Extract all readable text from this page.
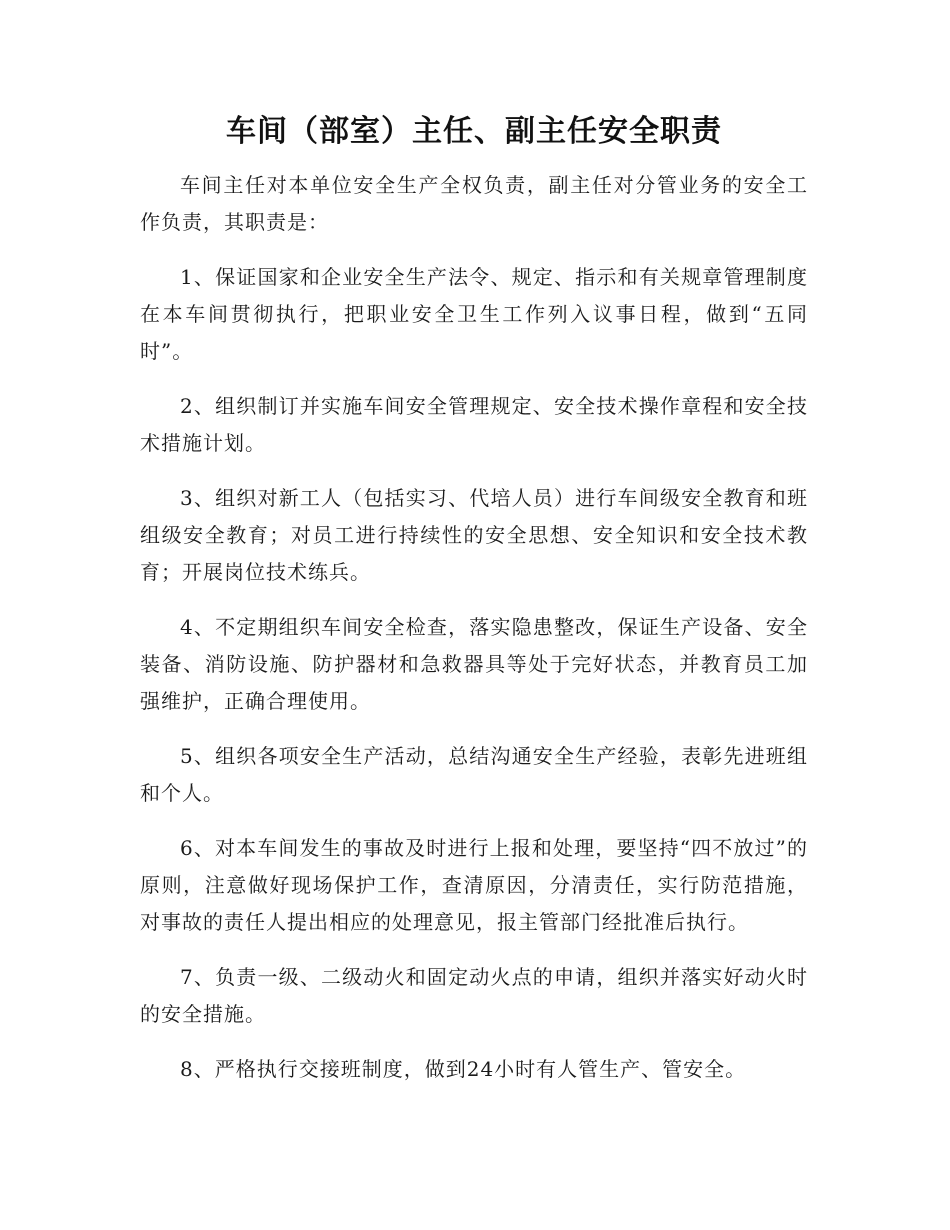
车间（部室）主任、副主任安全职责

车间主任对本单位安全生产全权负责，副主任对分管业务的安全工作负责，其职责是：

1、保证国家和企业安全生产法令、规定、指示和有关规章管理制度在本车间贯彻执行，把职业安全卫生工作列入议事日程，做到“五同时”。

2、组织制订并实施车间安全管理规定、安全技术操作章程和安全技术措施计划。

3、组织对新工人（包括实习、代培人员）进行车间级安全教育和班组级安全教育；对员工进行持续性的安全思想、安全知识和安全技术教育；开展岗位技术练兵。

4、不定期组织车间安全检查，落实隐患整改，保证生产设备、安全装备、消防设施、防护器材和急救器具等处于完好状态，并教育员工加强维护，正确合理使用。

5、组织各项安全生产活动，总结沟通安全生产经验，表彰先进班组和个人。

6、对本车间发生的事故及时进行上报和处理，要坚持“四不放过”的原则，注意做好现场保护工作，查清原因，分清责任，实行防范措施，对事故的责任人提出相应的处理意见，报主管部门经批准后执行。

7、负责一级、二级动火和固定动火点的申请，组织并落实好动火时的安全措施。

8、严格执行交接班制度，做到24小时有人管生产、管安全。
